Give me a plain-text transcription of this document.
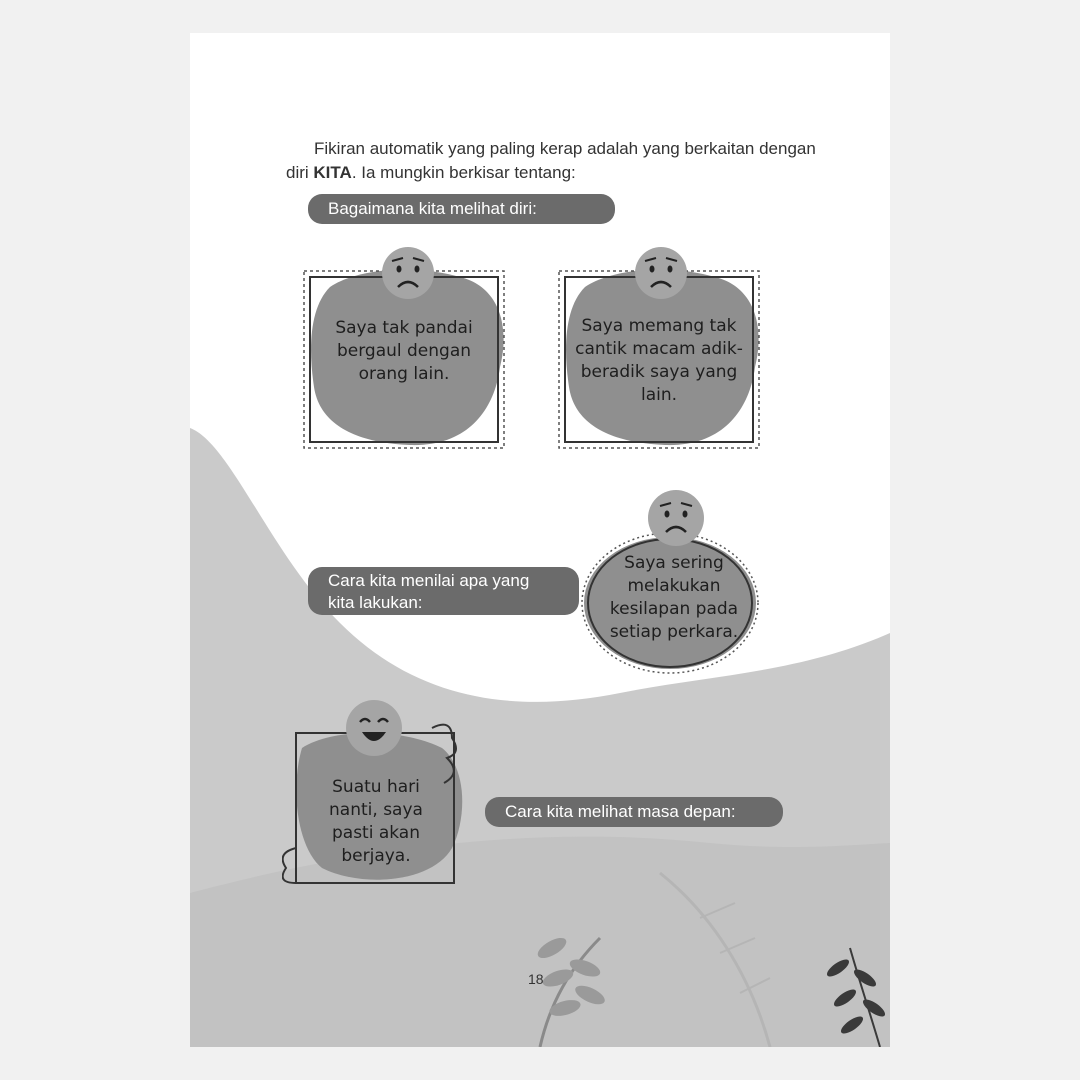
Fikiran automatik yang paling kerap adalah yang berkaitan dengan diri KITA. Ia mungkin berkisar tentang:

Bagaimana kita melihat diri:

Saya tak pandai bergaul dengan orang lain.

Saya memang tak cantik macam adik-beradik saya yang lain.

Cara kita menilai apa yang kita lakukan:

Saya sering melakukan kesilapan pada setiap perkara.

Suatu hari nanti, saya pasti akan berjaya.

Cara kita melihat masa depan:
18
